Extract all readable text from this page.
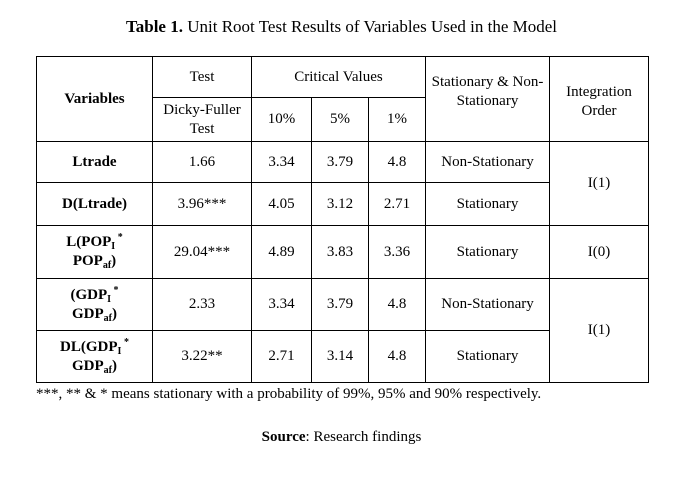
Table 1. Unit Root Test Results of Variables Used in the Model
Variables	Test	Critical Values			Stationary & Non-Stationary	Integration Order
	Dicky-Fuller Test	10%	5%	1%		
Ltrade	1.66	3.34	3.79	4.8	Non-Stationary	I(1)
D(Ltrade)	3.96***	4.05	3.12	2.71	Stationary	
$L(POP_I$ *
$POP_{af}$)	29.04***	4.89	3.83	3.36	Stationary	I(0)
($GDP_I$ *
$GDP_{af}$)	2.33	3.34	3.79	4.8	Non-Stationary	I(1)
$DL(GDP_I$ *
$GDP_{af}$)	3.22**	2.71	3.14	4.8	Stationary	
***, ** & * means stationary with a probability of 99%, 95% and 90% respectively.
Source: Research findings
